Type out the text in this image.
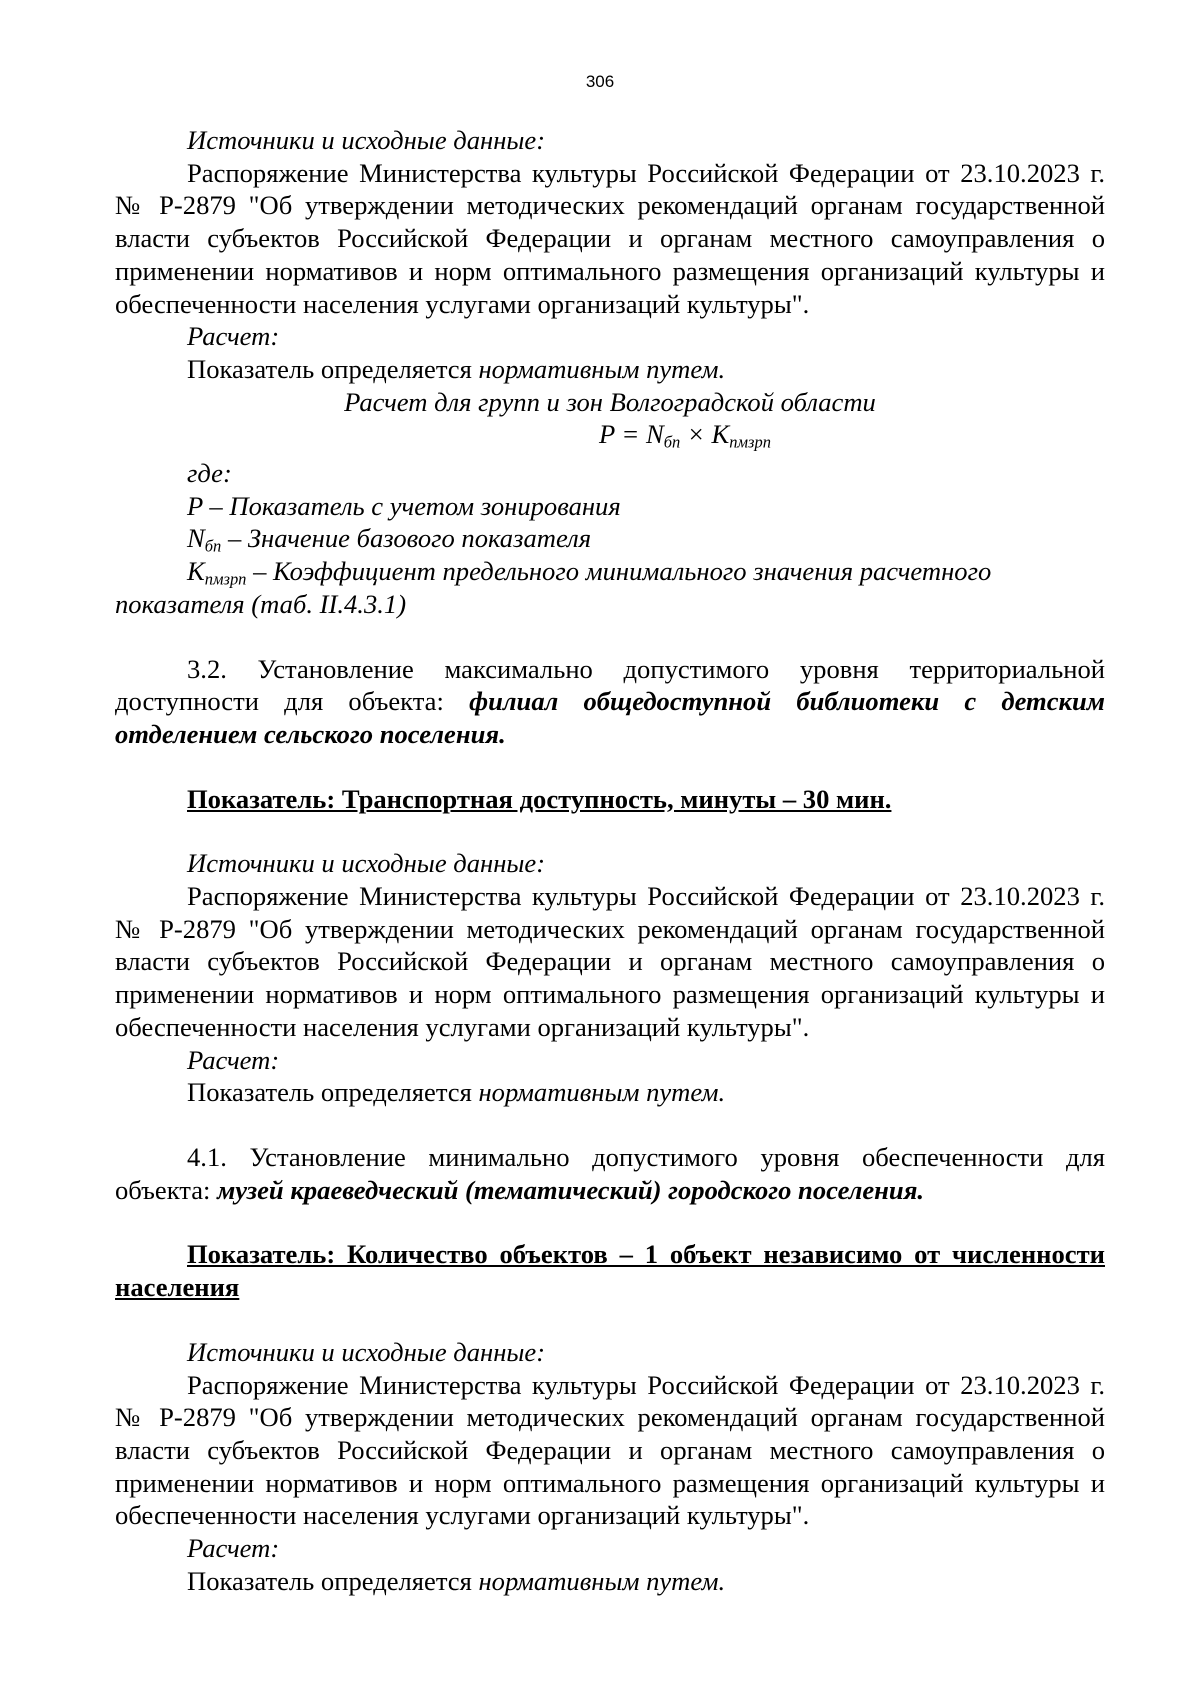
306

Источники и исходные данные:

Распоряжение Министерства культуры Российской Федерации от 23.10.2023 г.

№ Р-2879 "Об утверждении методических рекомендаций органам государственной

власти субъектов Российской Федерации и органам местного самоуправления о

применении нормативов и норм оптимального размещения организаций культуры и

обеспеченности населения услугами организаций культуры".

Расчет:

Показатель определяется нормативным путем.

Расчет для групп и зон Волгоградской области

$P = N_{бп} \times K_{пмзрп}$

где:

P – Показатель с учетом зонирования

$N_{бп}$ – Значение базового показателя

$K_{пмзрп}$ – Коэффициент предельного минимального значения расчетного

показателя (таб. II.4.3.1)

3.2. Установление максимально допустимого уровня территориальной

доступности для объекта: филиал общедоступной библиотеки с детским

отделением сельского поселения.

Показатель: Транспортная доступность, минуты – 30 мин.

Источники и исходные данные:

Распоряжение Министерства культуры Российской Федерации от 23.10.2023 г.

№ Р-2879 "Об утверждении методических рекомендаций органам государственной

власти субъектов Российской Федерации и органам местного самоуправления о

применении нормативов и норм оптимального размещения организаций культуры и

обеспеченности населения услугами организаций культуры".

Расчет:

Показатель определяется нормативным путем.

4.1. Установление минимально допустимого уровня обеспеченности для

объекта: музей краеведческий (тематический) городского поселения.

Показатель: Количество объектов – 1 объект независимо от численности

населения

Источники и исходные данные:

Распоряжение Министерства культуры Российской Федерации от 23.10.2023 г.

№ Р-2879 "Об утверждении методических рекомендаций органам государственной

власти субъектов Российской Федерации и органам местного самоуправления о

применении нормативов и норм оптимального размещения организаций культуры и

обеспеченности населения услугами организаций культуры".

Расчет:

Показатель определяется нормативным путем.
